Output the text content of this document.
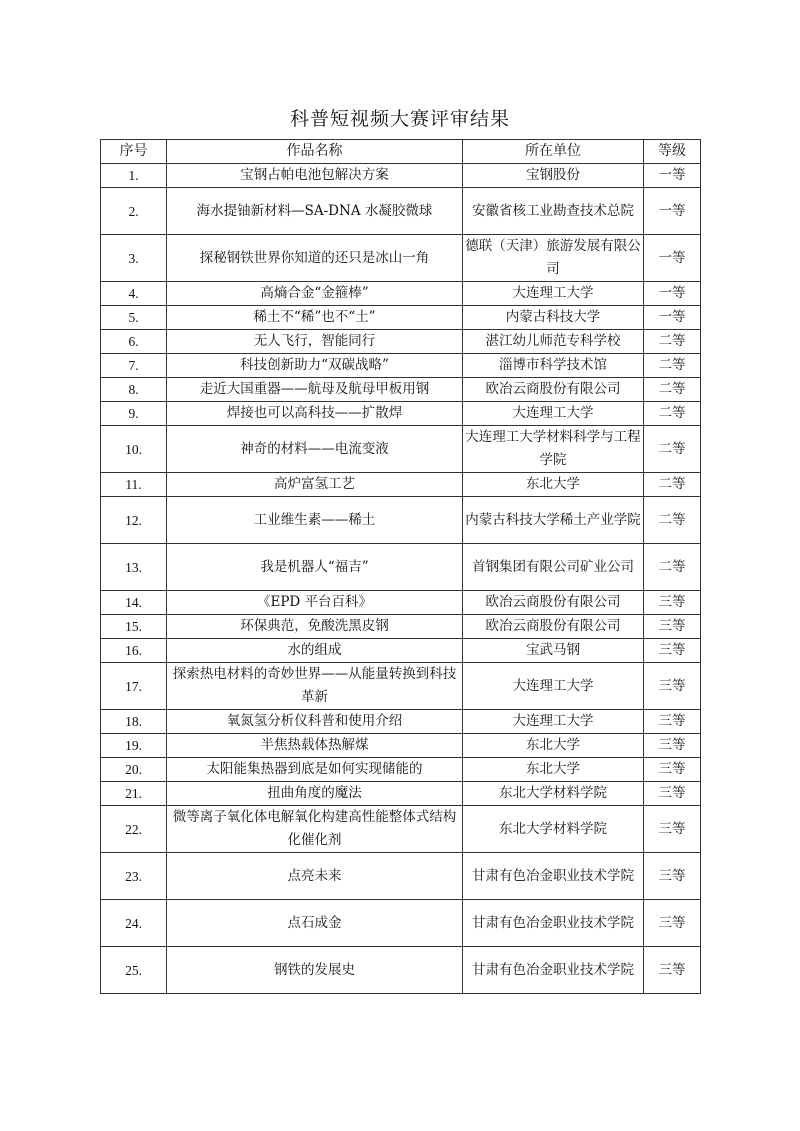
科普短视频大赛评审结果
序号	作品名称	所在单位	等级
1.	宝钢占帕电池包解决方案	宝钢股份	一等
2.	海水提铀新材料—SA-DNA 水凝胶微球	安徽省核工业勘查技术总院	一等
3.	探秘钢铁世界你知道的还只是冰山一角	德联（天津）旅游发展有限公司	一等
4.	高熵合金“金箍棒”	大连理工大学	一等
5.	稀土不“稀”也不“土”	内蒙古科技大学	一等
6.	无人飞行，智能同行	湛江幼儿师范专科学校	二等
7.	科技创新助力“双碳战略”	淄博市科学技术馆	二等
8.	走近大国重器——航母及航母甲板用钢	欧冶云商股份有限公司	二等
9.	焊接也可以高科技——扩散焊	大连理工大学	二等
10.	神奇的材料——电流变液	大连理工大学材料科学与工程学院	二等
11.	高炉富氢工艺	东北大学	二等
12.	工业维生素——稀土	内蒙古科技大学稀土产业学院	二等
13.	我是机器人“福吉”	首钢集团有限公司矿业公司	二等
14.	《EPD 平台百科》	欧冶云商股份有限公司	三等
15.	环保典范，免酸洗黑皮钢	欧冶云商股份有限公司	三等
16.	水的组成	宝武马钢	三等
17.	探索热电材料的奇妙世界——从能量转换到科技革新	大连理工大学	三等
18.	氧氮氢分析仪科普和使用介绍	大连理工大学	三等
19.	半焦热载体热解煤	东北大学	三等
20.	太阳能集热器到底是如何实现储能的	东北大学	三等
21.	扭曲角度的魔法	东北大学材料学院	三等
22.	微等离子氧化体电解氧化构建高性能整体式结构化催化剂	东北大学材料学院	三等
23.	点亮未来	甘肃有色冶金职业技术学院	三等
24.	点石成金	甘肃有色冶金职业技术学院	三等
25.	钢铁的发展史	甘肃有色冶金职业技术学院	三等
